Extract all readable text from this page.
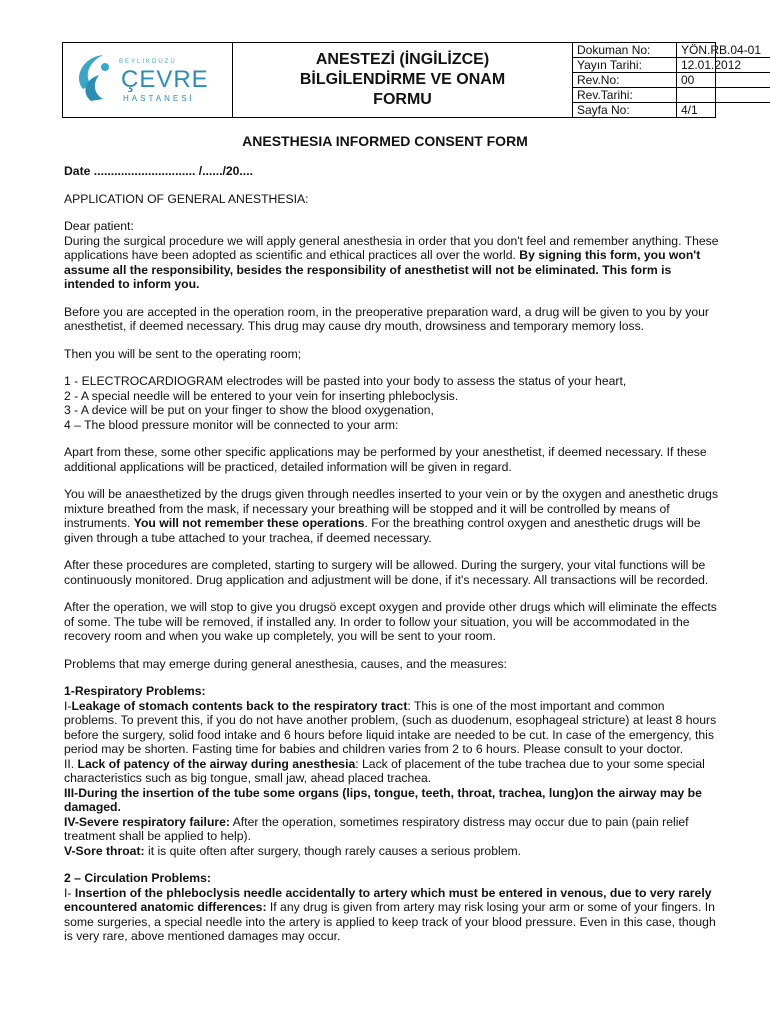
BEYLİKDÜZÜ
ÇEVRE
HASTANESİ
ANESTEZİ (İNGİLİZCE)
BİLGİLENDİRME VE ONAM
FORMU
Dokuman No:
Yayın Tarihi:
Rev.No:
Rev.Tarihi:
Sayfa No:
YÖN.RB.04-01
12.01.2012
00
4/1
ANESTHESIA INFORMED CONSENT FORM

Date .............................. /....../20....

APPLICATION OF GENERAL ANESTHESIA:

Dear patient:

During the surgical procedure we will apply general anesthesia in order that you don't feel and remember anything. These applications have been adopted as scientific and ethical practices all over the world. By signing this form, you won't assume all the responsibility, besides the responsibility of anesthetist will not be eliminated. This form is intended to inform you.

Before you are accepted in the operation room, in the preoperative preparation ward, a drug will be given to you by your anesthetist, if deemed necessary. This drug may cause dry mouth, drowsiness and temporary memory loss.

Then you will be sent to the operating room;

1 - ELECTROCARDIOGRAM electrodes will be pasted into your body to assess the status of your heart,
2 - A special needle will be entered to your vein for inserting phleboclysis.
3 - A device will be put on your finger to show the blood oxygenation,
4 – The blood pressure monitor will be connected to your arm:

Apart from these, some other specific applications may be performed by your anesthetist, if deemed necessary. If these additional applications will be practiced, detailed information will be given in regard.

You will be anaesthetized by the drugs given through needles inserted to your vein or by the oxygen and anesthetic drugs mixture breathed from the mask, if necessary your breathing will be stopped and it will be controlled by means of instruments. You will not remember these operations. For the breathing control oxygen and anesthetic drugs will be given through a tube attached to your trachea, if deemed necessary.

After these procedures are completed, starting to surgery will be allowed. During the surgery, your vital functions will be continuously monitored. Drug application and adjustment will be done, if it's necessary. All transactions will be recorded.

After the operation, we will stop to give you drugsö except oxygen and provide other drugs which will eliminate the effects of some. The tube will be removed, if installed any. In order to follow your situation, you will be accommodated in the recovery room and when you wake up completely, you will be sent to your room.

Problems that may emerge during general anesthesia, causes, and the measures:

1-Respiratory Problems:
I-Leakage of stomach contents back to the respiratory tract: This is one of the most important and common problems. To prevent this, if you do not have another problem, (such as duodenum, esophageal stricture) at least 8 hours before the surgery, solid food intake and 6 hours before liquid intake are needed to be cut. In case of the emergency, this period may be shorten. Fasting time for babies and children varies from 2 to 6 hours. Please consult to your doctor.
II. Lack of patency of the airway during anesthesia: Lack of placement of the tube trachea due to your some special characteristics such as big tongue, small jaw, ahead placed trachea.
III-During the insertion of the tube some organs (lips, tongue, teeth, throat, trachea, lung)on the airway may be damaged.
IV-Severe respiratory failure: After the operation, sometimes respiratory distress may occur due to pain (pain relief treatment shall be applied to help).
V-Sore throat: it is quite often after surgery, though rarely causes a serious problem.

2 – Circulation Problems:
I- Insertion of the phleboclysis needle accidentally to artery which must be entered in venous, due to very rarely encountered anatomic differences: If any drug is given from artery may risk losing your arm or some of your fingers. In some surgeries, a special needle into the artery is applied to keep track of your blood pressure. Even in this case, though is very rare, above mentioned damages may occur.
